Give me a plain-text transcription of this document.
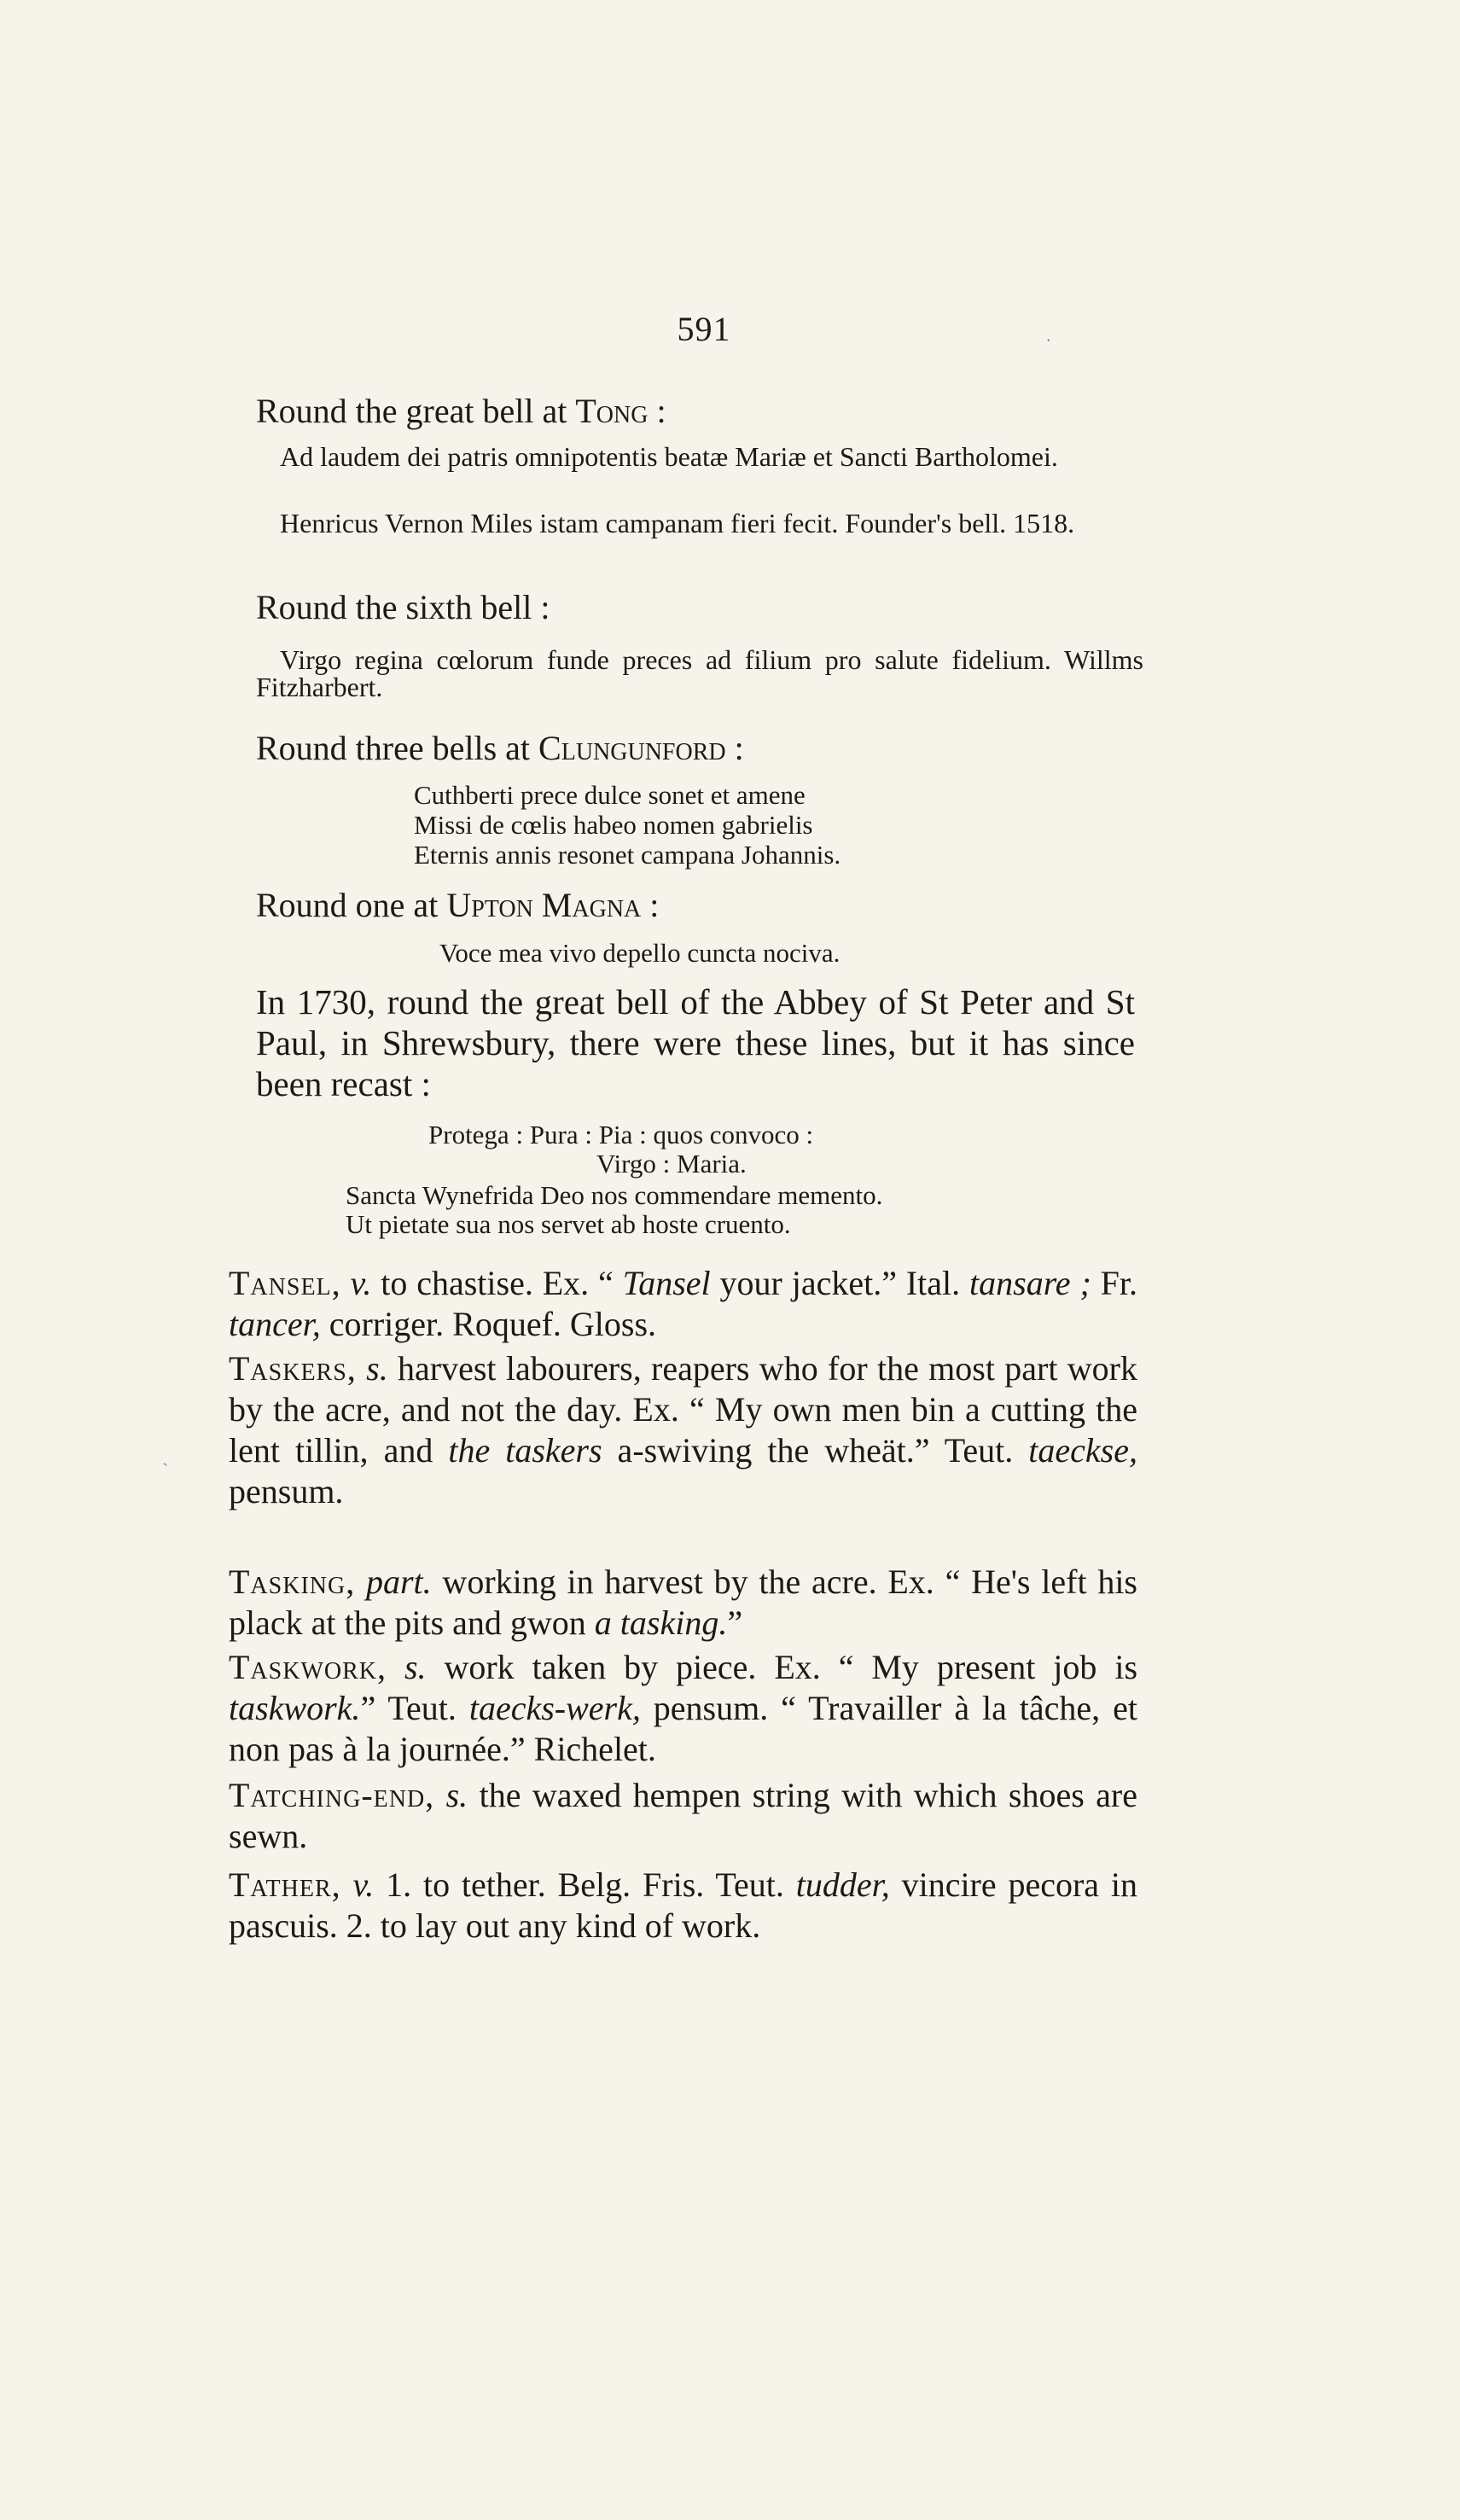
591
Round the great bell at Tong :

Ad laudem dei patris omnipotentis beatæ Mariæ et Sancti Bartholomei.

Henricus Vernon Miles istam campanam fieri fecit. Founder's bell. 1518.

Round the sixth bell :

Virgo regina cœlorum funde preces ad filium pro salute fidelium. Willms Fitzharbert.

Round three bells at Clungunford :
Cuthberti prece dulce sonet et amene
Missi de cœlis habeo nomen gabrielis
Eternis annis resonet campana Johannis.
Round one at Upton Magna :
Voce mea vivo depello cuncta nociva.

In 1730, round the great bell of the Abbey of St Peter and St Paul, in Shrewsbury, there were these lines, but it has since been recast :

Protega : Pura : Pia : quos convoco :
Virgo : Maria.
Sancta Wynefrida Deo nos commendare memento.
Ut pietate sua nos servet ab hoste cruento.

Tansel, v. to chastise. Ex. “ Tansel your jacket.” Ital. tansare ; Fr. tancer, corriger. Roquef. Gloss.

Taskers, s. harvest labourers, reapers who for the most part work by the acre, and not the day. Ex. “ My own men bin a cutting the lent tillin, and the taskers a-swiving the wheät.” Teut. taeckse, pensum.

Tasking, part. working in harvest by the acre. Ex. “ He's left his plack at the pits and gwon a tasking.”

Taskwork, s. work taken by piece. Ex. “ My present job is taskwork.” Teut. taecks-werk, pensum. “ Travailler à la tâche, et non pas à la journée.” Richelet.

Tatching-end, s. the waxed hempen string with which shoes are sewn.

Tather, v. 1. to tether. Belg. Fris. Teut. tudder, vincire pecora in pascuis. 2. to lay out any kind of work.

.
`
